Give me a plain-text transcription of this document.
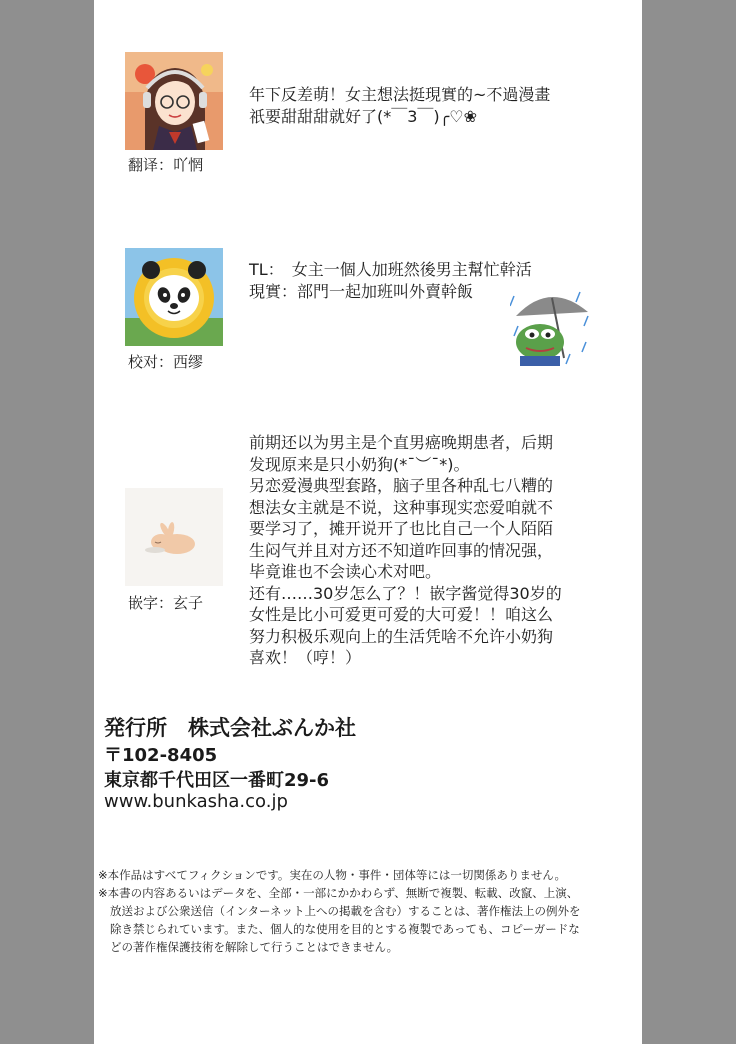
翻译：吖惘
年下反差萌！女主想法挺現實的~不過漫畫
祇要甜甜甜就好了(*￣3￣)╭♡❀
校对：西缪
TL：　女主一個人加班然後男主幫忙幹活
現實：部門一起加班叫外賣幹飯
嵌字：玄子
前期还以为男主是个直男癌晚期患者，后期
发现原来是只小奶狗(*¯︶¯*)。
另恋爱漫典型套路，脑子里各种乱七八糟的
想法女主就是不说，这种事现实恋爱咱就不
要学习了，摊开说开了也比自己一个人陌陌
生闷气并且对方还不知道咋回事的情况强，
毕竟谁也不会读心术对吧。
还有……30岁怎么了？！嵌字酱觉得30岁的
女性是比小可爱更可爱的大可爱！！咱这么
努力积极乐观向上的生活凭啥不允许小奶狗
喜欢！（哼！）
発行所　株式会社ぶんか社
〒102-8405
東京都千代田区一番町29-6
www.bunkasha.co.jp
※本作品はすべてフィクションです。実在の人物・事件・団体等には一切関係ありません。
※本書の内容あるいはデータを、全部・一部にかかわらず、無断で複製、転載、改竄、上演、
放送および公衆送信（インターネット上への掲載を含む）することは、著作権法上の例外を
除き禁じられています。また、個人的な使用を目的とする複製であっても、コピーガードな
どの著作権保護技術を解除して行うことはできません。
